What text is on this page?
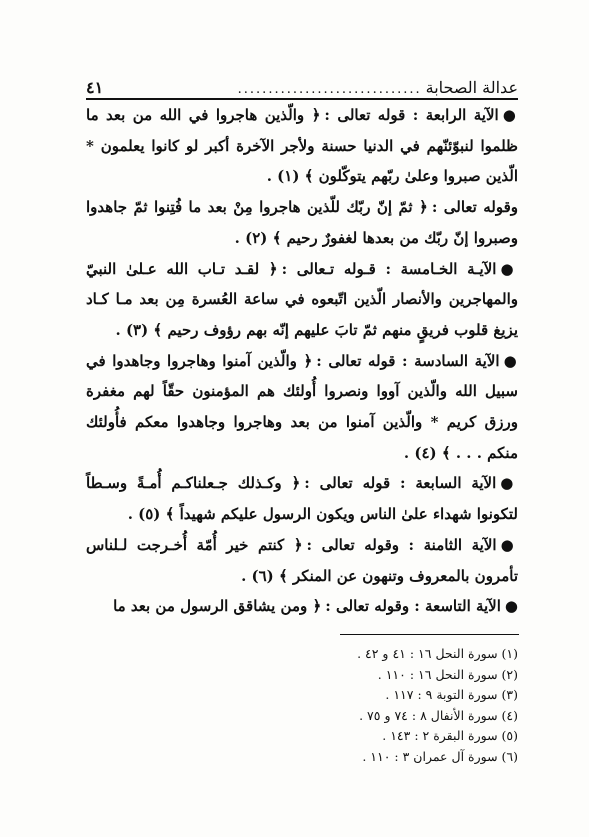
عدالة الصحابة
..............................
٤١

●الآية الرابعة : قوله تعالى :﴿ والّذين هاجروا في الله من بعد ما ظلموا لنبوّئنّهم في الدنيا حسنة ولأجر الآخرة أكبر لو كانوا يعلمون * الّذين صبروا وعلىٰ ربّهم يتوكّلون ﴾ (١) .

وقوله تعالى :﴿ ثمّ إنّ ربّك للّذين هاجروا مِنْ بعد ما فُتِنوا ثمّ جاهدوا وصبروا إنّ ربّك من بعدها لغفورٌ رحيم ﴾ (٢) .

●الآيـة الخـامسة : قـوله تـعالى :﴿ لقـد تـاب الله عـلىٰ النبيّ والمهاجرين والأنصار الّذين اتّبعوه في ساعة العُسرة مِن بعد مـا كـاد يزيغ قلوب فريقٍ منهم ثمّ تابَ عليهم إنّه بهم رؤوف رحيم ﴾ (٣) .

●الآية السادسة : قوله تعالى :﴿ والّذين آمنوا وهاجروا وجاهدوا في سبيل الله والّذين آووا ونصروا أُولئك هم المؤمنون حقّاً لهم مغفرة ورزق كريم * والّذين آمنوا من بعد وهاجروا وجاهدوا معكم فأُولئك منكم . . . ﴾ (٤) .

●الآية السابعة : قوله تعالى :﴿ وكـذلك جـعلناكـم أُمـةً وسـطاً لتكونوا شهداء علىٰ الناس ويكون الرسول عليكم شهيداً ﴾ (٥) .

●الآية الثامنة : وقوله تعالى :﴿ كنتم خير أُمّة أُخـرجت لـلناس تأمرون بالمعروف وتنهون عن المنكر ﴾ (٦) .

●الآية التاسعة : وقوله تعالى :﴿ ومن يشاقق الرسول من بعد ما

(١) سورة النحل ١٦ : ٤١ و ٤٢ .

(٢) سورة النحل ١٦ : ١١٠ .

(٣) سورة التوبة ٩ : ١١٧ .

(٤) سورة الأنفال ٨ : ٧٤ و ٧٥ .

(٥) سورة البقرة ٢ : ١٤٣ .

(٦) سورة آل عمران ٣ : ١١٠ .
